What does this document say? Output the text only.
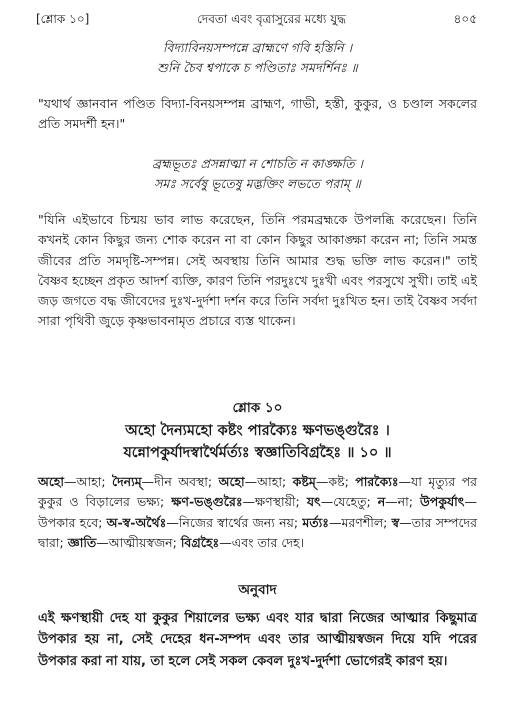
[শ্লোক ১০]	দেবতা এবং বৃত্রাসুরের মধ্যে যুদ্ধ	৪০৫

বিদ্যাবিনয়সম্পন্নে ব্রাহ্মণে গবি হস্তিনি ।

শুনি চৈব শ্বপাকে চ পণ্ডিতাঃ সমদর্শিনঃ ॥

"যথার্থ জ্ঞানবান পণ্ডিত বিদ্যা-বিনয়সম্পন্ন ব্রাহ্মণ, গাভী, হস্তী, কুকুর, ও চণ্ডাল সকলের প্রতি সমদর্শী হন।"

ব্রহ্মভূতঃ প্রসন্নাত্মা ন শোচতি ন কাঙ্ক্ষতি ।

সমঃ সর্বেষু ভূতেষু মদ্ভক্তিং লভতে পরাম্ ॥

"যিনি এইভাবে চিন্ময় ভাব লাভ করেছেন, তিনি পরমব্রহ্মকে উপলব্ধি করেছেন। তিনি কখনই কোন কিছুর জন্য শোক করেন না বা কোন কিছুর আকাঙ্ক্ষা করেন না; তিনি সমস্ত জীবের প্রতি সমদৃষ্টি-সম্পন্ন। সেই অবস্থায় তিনি আমার শুদ্ধ ভক্তি লাভ করেন।" তাই বৈষ্ণব হচ্ছেন প্রকৃত আদর্শ ব্যক্তি, কারণ তিনি পরদুঃখে দুঃখী এবং পরসুখে সুখী। তাই এই জড় জগতে বদ্ধ জীবেদের দুঃখ-দুর্দশা দর্শন করে তিনি সর্বদা দুঃখিত হন। তাই বৈষ্ণব সর্বদা সারা পৃথিবী জুড়ে কৃষ্ণভাবনামৃত প্রচারে ব্যস্ত থাকেন।

শ্লোক ১০

অহো দৈন্যমহো কষ্টং পারক্যৈঃ ক্ষণভঙ্গুরৈঃ ।

যন্নোপকুর্যাদস্বার্থৈর্মর্ত্যঃ স্বজ্ঞাতিবিগ্রহৈঃ ॥ ১০ ॥

অহো—আহা; দৈন্যম্—দীন অবস্থা; অহো—আহা; কষ্টম্—কষ্ট; পারক্যৈঃ—যা মৃত্যুর পর কুকুর ও বিড়ালের ভক্ষ্য; ক্ষণ-ভঙ্গুরৈঃ—ক্ষণস্থায়ী; যৎ—যেহেতু; ন—না; উপকুর্যাৎ—উপকার হবে; অ-স্ব-অর্থৈঃ—নিজের স্বার্থের জন্য নয়; মর্ত্যঃ—মরণশীল; স্ব—তার সম্পদের দ্বারা; জ্ঞাতি—আত্মীয়স্বজন; বিগ্রহৈঃ—এবং তার দেহ।

অনুবাদ

এই ক্ষণস্থায়ী দেহ যা কুকুর শিয়ালের ভক্ষ্য এবং যার দ্বারা নিজের আত্মার কিছুমাত্র উপকার হয় না, সেই দেহের ধন-সম্পদ এবং তার আত্মীয়স্বজন দিয়ে যদি পরের উপকার করা না যায়, তা হলে সেই সকল কেবল দুঃখ-দুর্দশা ভোগেরই কারণ হয়।
